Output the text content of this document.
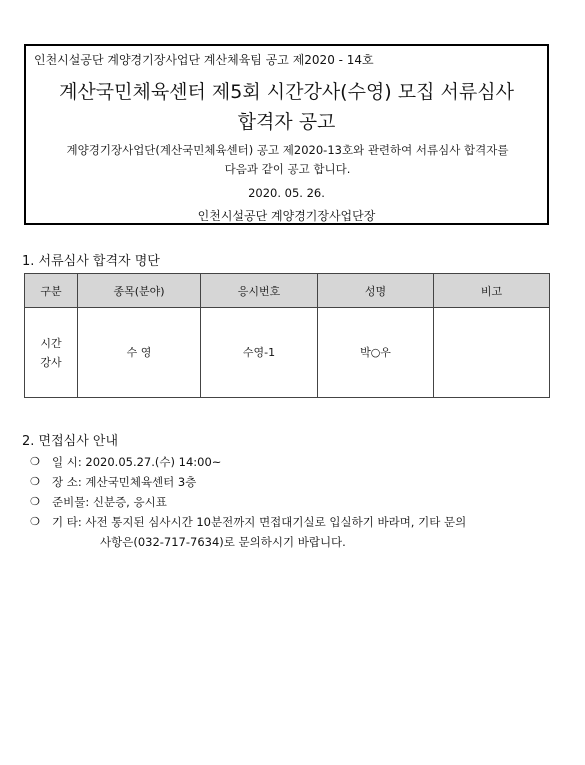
인천시설공단 계양경기장사업단 계산체육팀 공고 제2020 - 14호
계산국민체육센터 제5회 시간강사(수영) 모집 서류심사
합격자 공고
계양경기장사업단(계산국민체육센터) 공고 제2020-13호와 관련하여 서류심사 합격자를
다음과 같이 공고 합니다.
2020. 05. 26.
인천시설공단 계양경기장사업단장
1. 서류심사 합격자 명단
구분	종목(분야)	응시번호	성명	비고

시간
강사	수 영	수영-1	박○우	
2. 면접심사 안내
❍	일 시: 2020.05.27.(수) 14:00~
❍	장 소: 계산국민체육센터 3층
❍	준비물: 신분증, 응시표
❍	기 타: 사전 통지된 심사시간 10분전까지 면접대기실로 입실하기 바라며, 기타 문의
사항은(032-717-7634)로 문의하시기 바랍니다.
